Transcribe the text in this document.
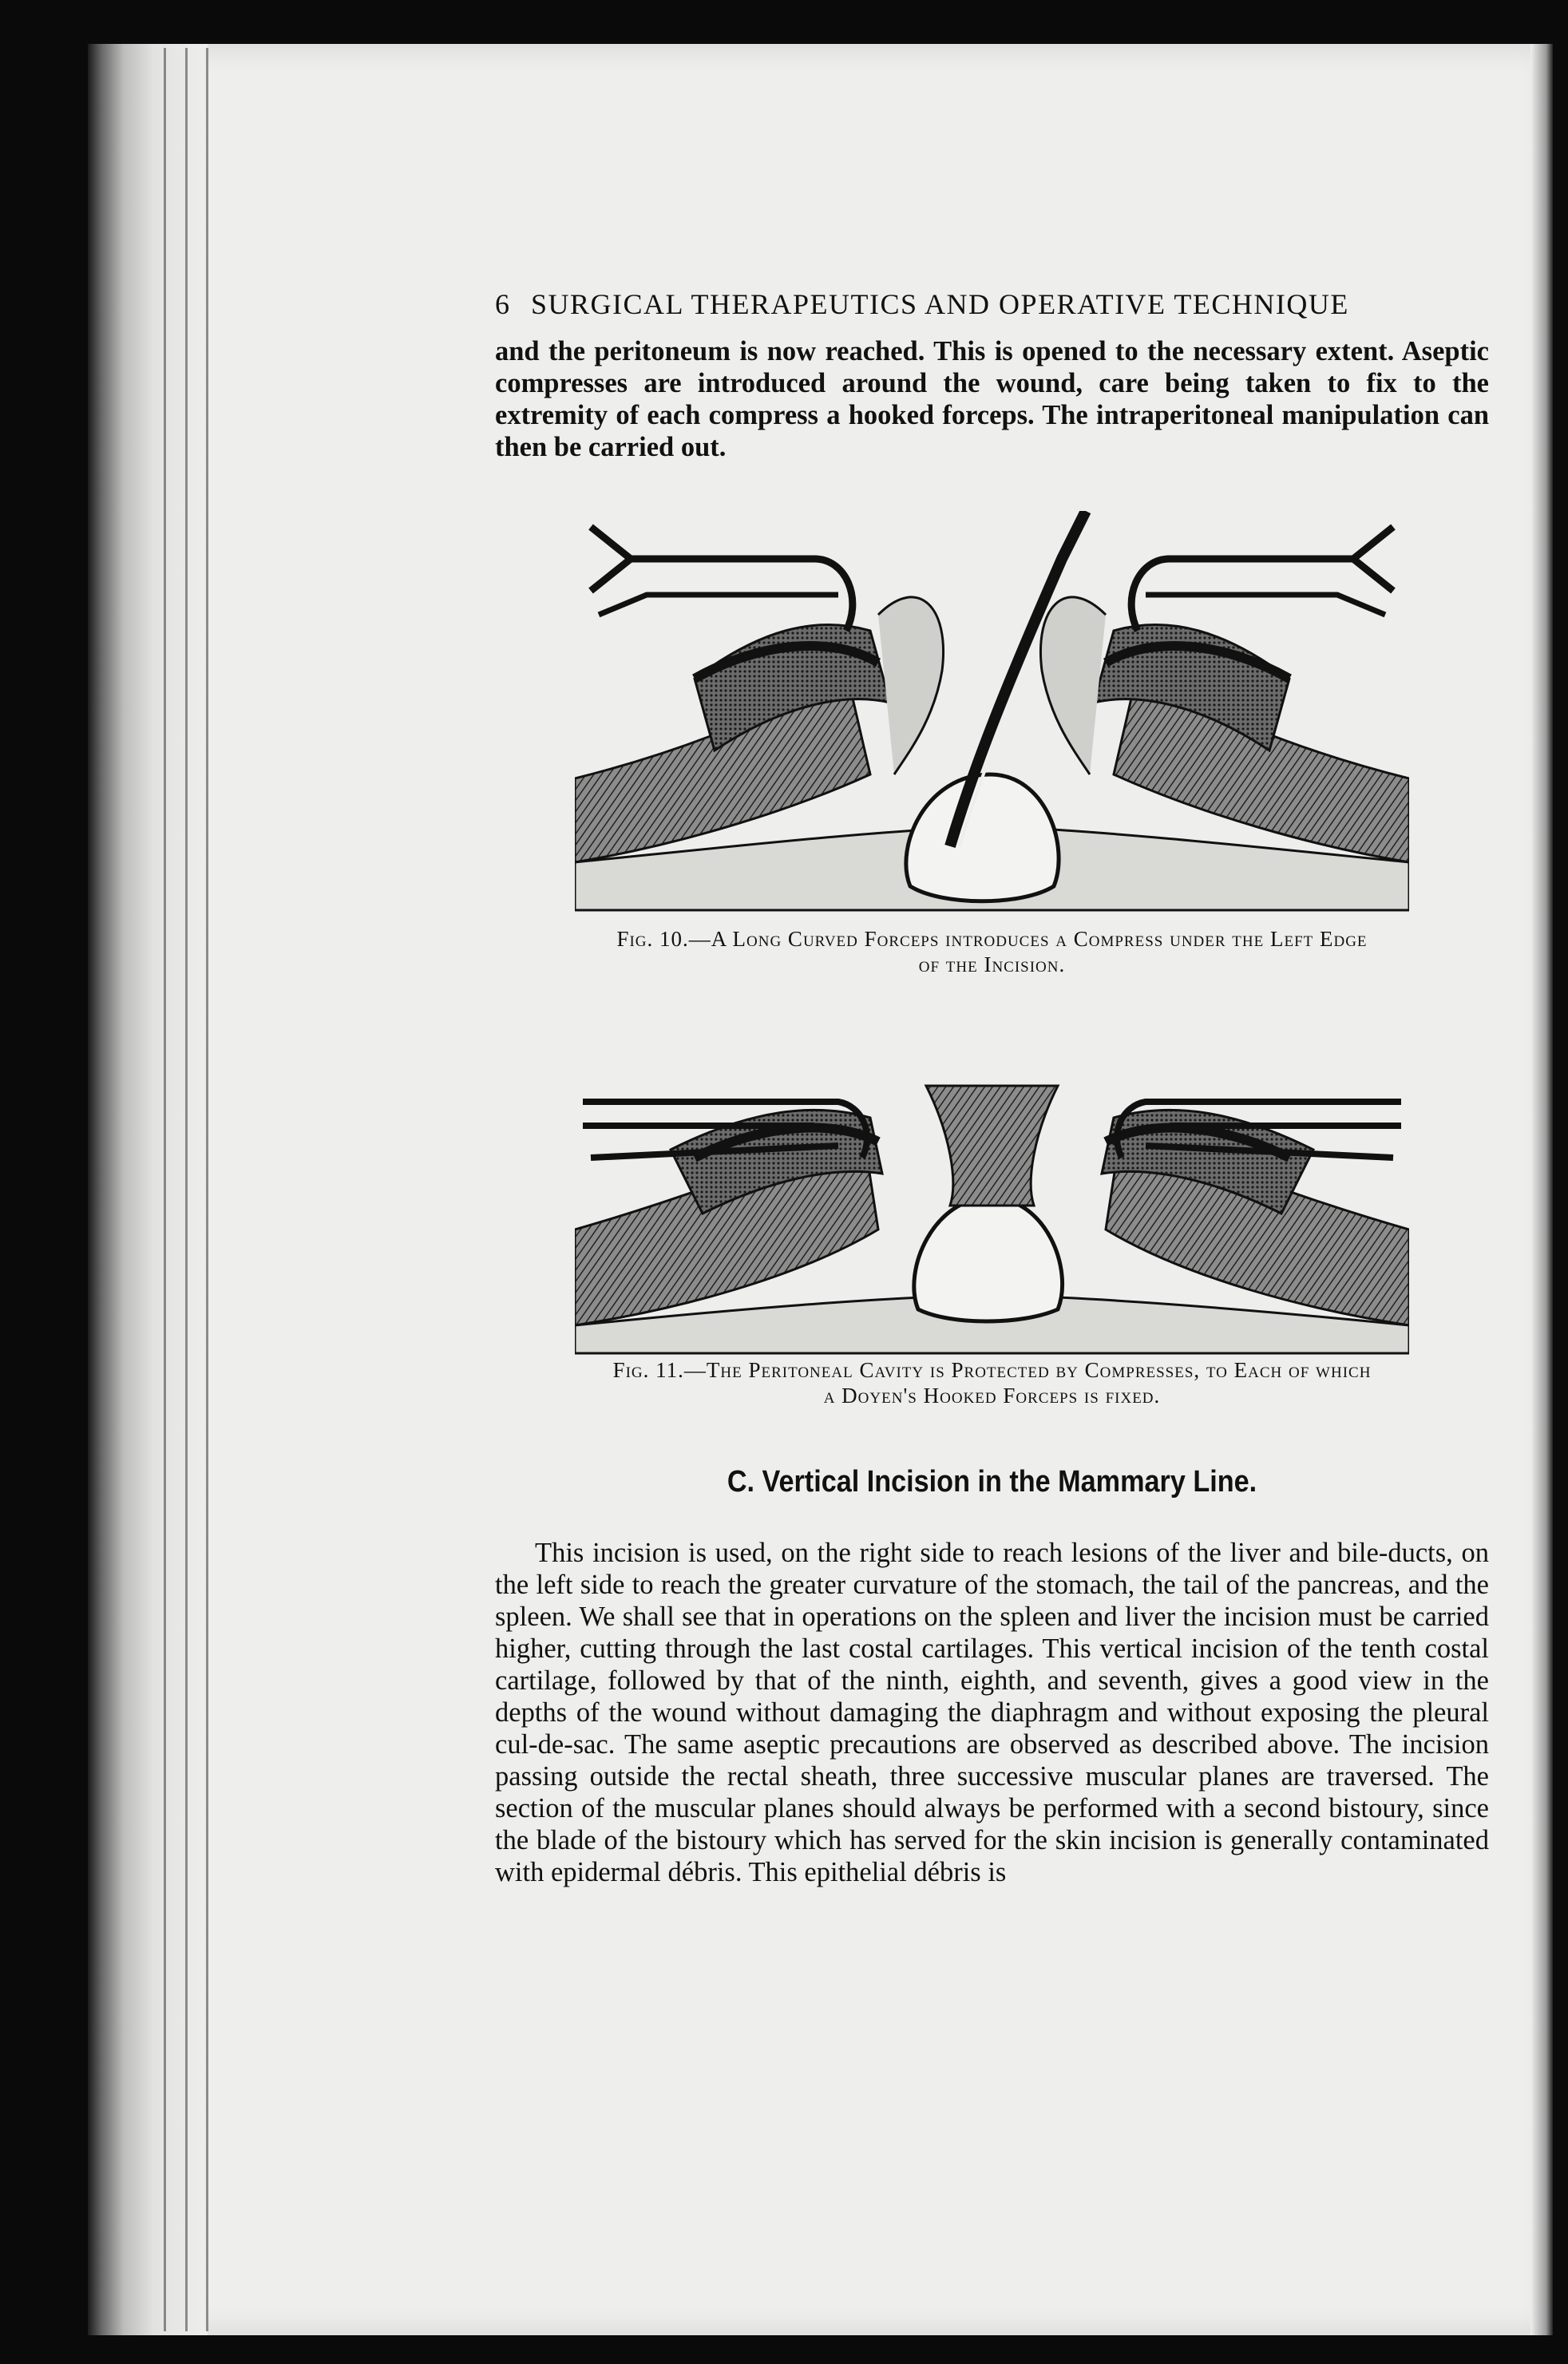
6 SURGICAL THERAPEUTICS AND OPERATIVE TECHNIQUE

and the peritoneum is now reached. This is opened to the necessary extent. Aseptic compresses are introduced around the wound, care being taken to fix to the extremity of each compress a hooked forceps. The intraperitoneal manipulation can then be carried out.

Fig. 10.—A Long Curved Forceps introduces a Compress under the Left Edge
of the Incision.
Fig. 11.—The Peritoneal Cavity is Protected by Compresses, to Each of which
a Doyen's Hooked Forceps is fixed.
C. Vertical Incision in the Mammary Line.

This incision is used, on the right side to reach lesions of the liver and bile-ducts, on the left side to reach the greater curvature of the stomach, the tail of the pancreas, and the spleen. We shall see that in operations on the spleen and liver the incision must be carried higher, cutting through the last costal cartilages. This vertical incision of the tenth costal cartilage, followed by that of the ninth, eighth, and seventh, gives a good view in the depths of the wound without damaging the diaphragm and without exposing the pleural cul-de-sac. The same aseptic precautions are observed as described above. The incision passing outside the rectal sheath, three successive muscular planes are traversed. The section of the muscular planes should always be performed with a second bistoury, since the blade of the bistoury which has served for the skin incision is generally contaminated with epidermal débris. This epithelial débris is
